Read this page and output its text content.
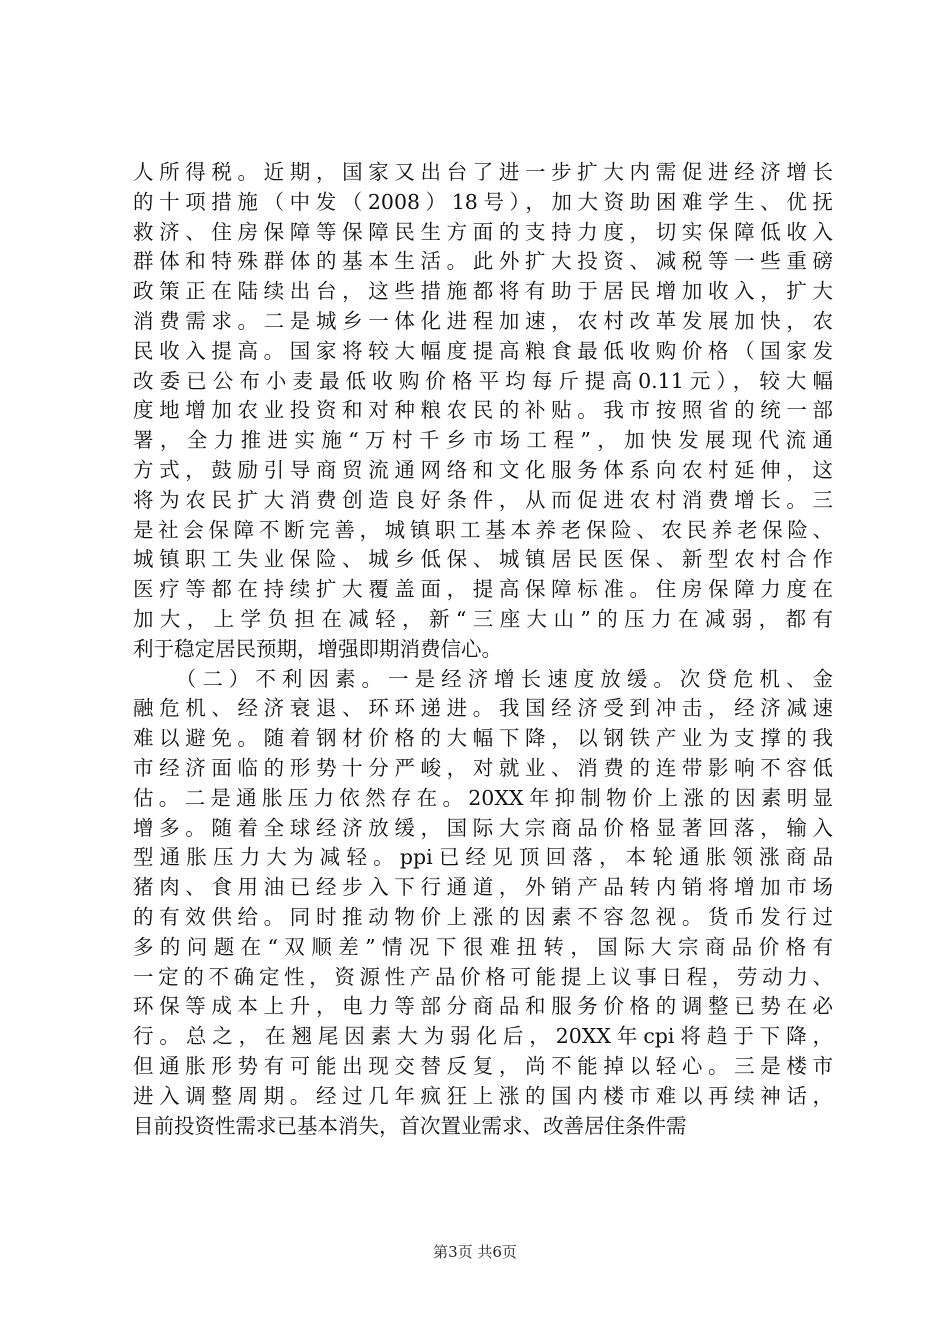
人所得税。近期，国家又出台了进一步扩大内需促进经济增长
的十项措施（中发（2008）18号），加大资助困难学生、优抚
救济、住房保障等保障民生方面的支持力度，切实保障低收入
群体和特殊群体的基本生活。此外扩大投资、减税等一些重磅
政策正在陆续出台，这些措施都将有助于居民增加收入，扩大
消费需求。二是城乡一体化进程加速，农村改革发展加快，农
民收入提高。国家将较大幅度提高粮食最低收购价格（国家发
改委已公布小麦最低收购价格平均每斤提高0.11元），较大幅
度地增加农业投资和对种粮农民的补贴。我市按照省的统一部
署，全力推进实施“万村千乡市场工程”，加快发展现代流通
方式，鼓励引导商贸流通网络和文化服务体系向农村延伸，这
将为农民扩大消费创造良好条件，从而促进农村消费增长。三
是社会保障不断完善，城镇职工基本养老保险、农民养老保险、
城镇职工失业保险、城乡低保、城镇居民医保、新型农村合作
医疗等都在持续扩大覆盖面，提高保障标准。住房保障力度在
加大，上学负担在减轻，新“三座大山”的压力在减弱，都有
利于稳定居民预期，增强即期消费信心。
　　（二）不利因素。一是经济增长速度放缓。次贷危机、金
融危机、经济衰退、环环递进。我国经济受到冲击，经济减速
难以避免。随着钢材价格的大幅下降，以钢铁产业为支撑的我
市经济面临的形势十分严峻，对就业、消费的连带影响不容低
估。二是通胀压力依然存在。20XX年抑制物价上涨的因素明显
增多。随着全球经济放缓，国际大宗商品价格显著回落，输入
型通胀压力大为减轻。ppi已经见顶回落，本轮通胀领涨商品
猪肉、食用油已经步入下行通道，外销产品转内销将增加市场
的有效供给。同时推动物价上涨的因素不容忽视。货币发行过
多的问题在“双顺差”情况下很难扭转，国际大宗商品价格有
一定的不确定性，资源性产品价格可能提上议事日程，劳动力、
环保等成本上升，电力等部分商品和服务价格的调整已势在必
行。总之，在翘尾因素大为弱化后，20XX年cpi将趋于下降，
但通胀形势有可能出现交替反复，尚不能掉以轻心。三是楼市
进入调整周期。经过几年疯狂上涨的国内楼市难以再续神话，
目前投资性需求已基本消失，首次置业需求、改善居住条件需
第3页 共6页
